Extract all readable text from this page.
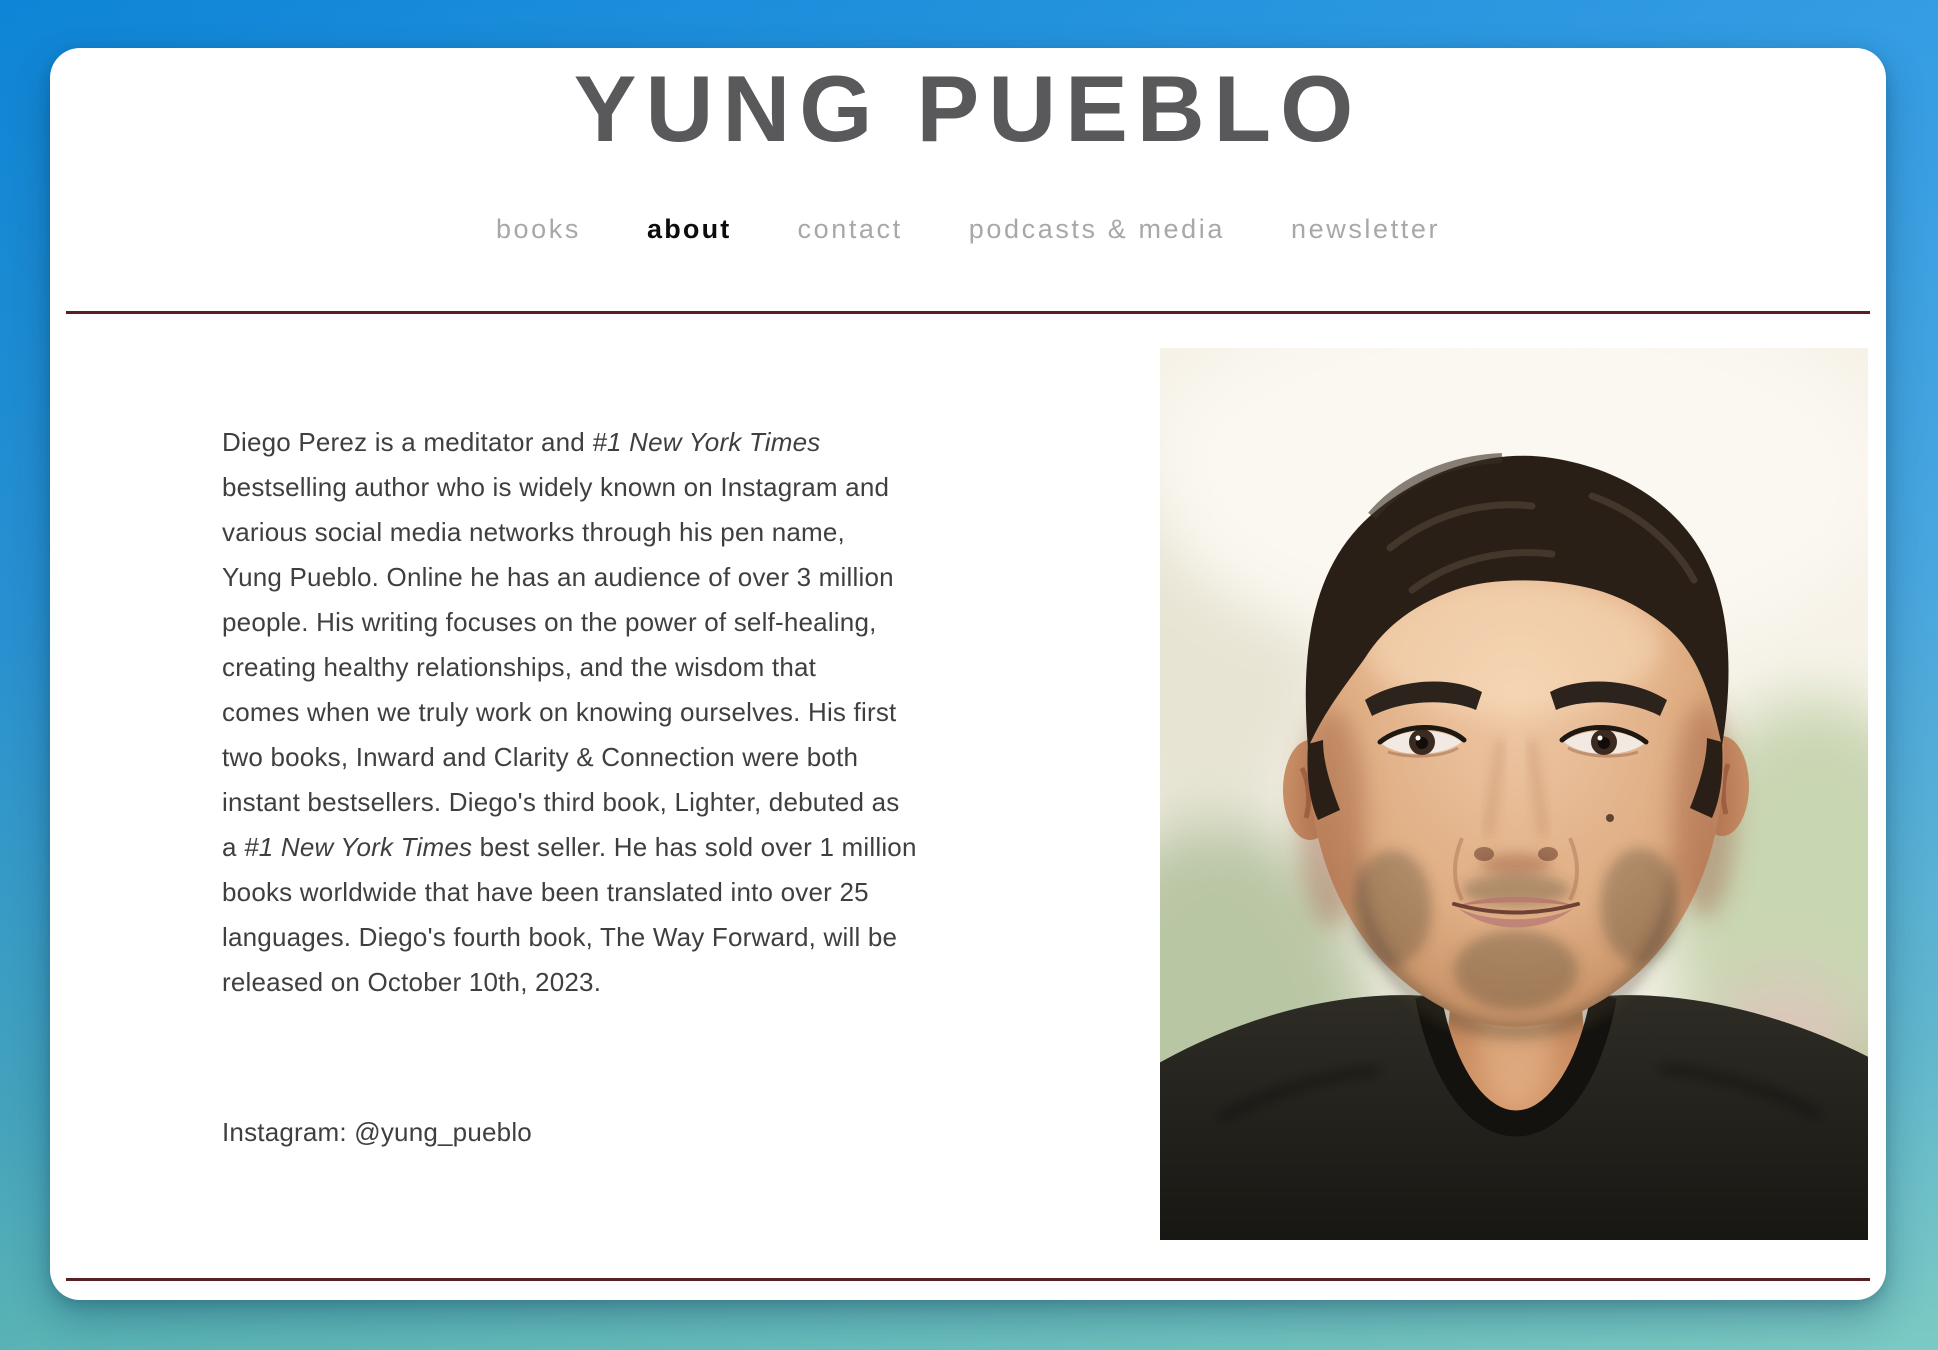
YUNG PUEBLO
books about contact podcasts & media newsletter
Diego Perez is a meditator and #1 New York Times
bestselling author who is widely known on Instagram and
various social media networks through his pen name,
Yung Pueblo. Online he has an audience of over 3 million
people. His writing focuses on the power of self-healing,
creating healthy relationships, and the wisdom that
comes when we truly work on knowing ourselves. His first
two books, Inward and Clarity & Connection were both
instant bestsellers. Diego's third book, Lighter, debuted as
a #1 New York Times best seller. He has sold over 1 million
books worldwide that have been translated into over 25
languages. Diego's fourth book, The Way Forward, will be
released on October 10th, 2023.
Instagram: @yung_pueblo
